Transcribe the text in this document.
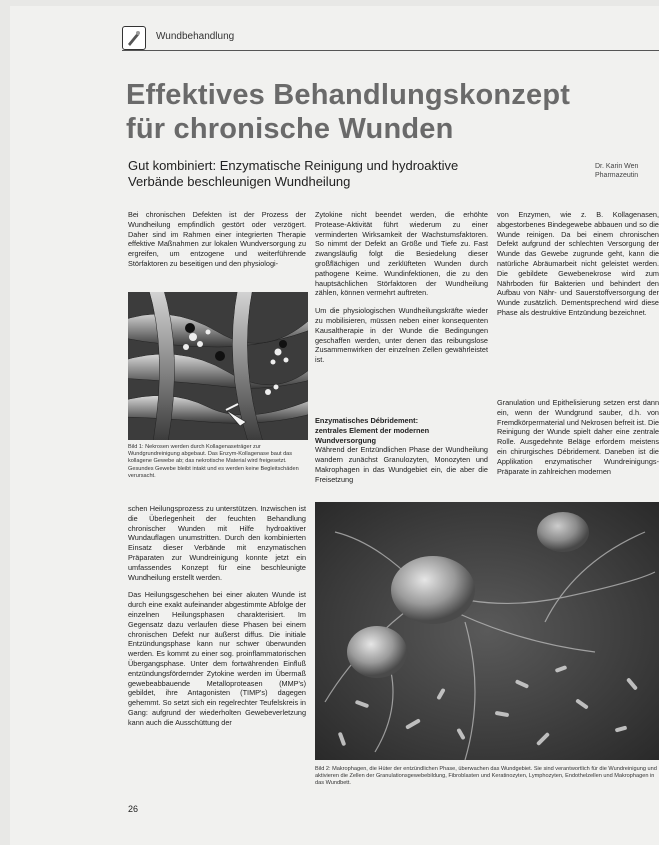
Wundbehandlung
Effektives Behandlungskonzept
für chronische Wunden
Gut kombiniert: Enzymatische Reinigung und hydroaktive
Verbände beschleunigen Wundheilung
Dr. Karin Wen
Pharmazeutin

Bei chronischen Defekten ist der Prozess der Wundheilung empfindlich gestört oder verzögert. Daher sind im Rahmen einer integrierten Therapie effektive Maßnahmen zur lokalen Wundversorgung zu ergreifen, um entzogene und weiterführende Störfaktoren zu beseitigen und den physiologi-

Bild 1: Nekrosen werden durch Kollagenaseträger zur Wundgrundreinigung abgebaut. Das Enzym-Kollagenase baut das kollagene Gewebe ab; das nekrotische Material wird freigesetzt. Gesundes Gewebe bleibt intakt und es werden keine Begleitschäden verursacht.

schen Heilungsprozess zu unterstützen. Inzwischen ist die Überlegenheit der feuchten Behandlung chronischer Wunden mit Hilfe hydroaktiver Wundauflagen unumstritten. Durch den kombinierten Einsatz dieser Verbände mit enzymatischen Präparaten zur Wundreinigung konnte jetzt ein umfassendes Konzept für eine beschleunigte Wundheilung erstellt werden.

Das Heilungsgeschehen bei einer akuten Wunde ist durch eine exakt aufeinander abgestimmte Abfolge der einzelnen Heilungsphasen charakterisiert. Im Gegensatz dazu verlaufen diese Phasen bei einem chronischen Defekt nur äußerst diffus. Die initiale Entzündungsphase kann nur schwer überwunden werden. Es kommt zu einer sog. proinflammatorischen Übergangsphase. Unter dem fortwährenden Einfluß entzündungsfördernder Zytokine werden im Übermaß gewebeabbauende Metalloproteasen (MMP's) gebildet, ihre Antagonisten (TIMP's) dagegen gehemmt. So setzt sich ein regelrechter Teufelskreis in Gang: aufgrund der wiederholten Gewebeverletzung kann auch die Ausschüttung der

Zytokine nicht beendet werden, die erhöhte Protease-Aktivität führt wiederum zu einer verminderten Wirksamkeit der Wachstumsfaktoren. So nimmt der Defekt an Größe und Tiefe zu. Fast zwangsläufig folgt die Besiedelung dieser großflächigen und zerklüfteten Wunden durch pathogene Keime. Wundinfektionen, die zu den hauptsächlichen Störfaktoren der Wundheilung zählen, können vermehrt auftreten.

Um die physiologischen Wundheilungskräfte wieder zu mobilisieren, müssen neben einer konsequenten Kausaltherapie in der Wunde die Bedingungen geschaffen werden, unter denen das reibungslose Zusammenwirken der einzelnen Zellen gewährleistet ist.

Enzymatisches Débridement:
zentrales Element der modernen
Wundversorgung

Während der Entzündlichen Phase der Wundheilung wandern zunächst Granulozyten, Monozyten und Makrophagen in das Wundgebiet ein, die aber die Freisetzung

von Enzymen, wie z. B. Kollagenasen, abgestorbenes Bindegewebe abbauen und so die Wunde reinigen. Da bei einem chronischen Defekt aufgrund der schlechten Versorgung der Wunde das Gewebe zugrunde geht, kann die natürliche Abräumarbeit nicht geleistet werden. Die gebildete Gewebenekrose wird zum Nährboden für Bakterien und behindert den Aufbau von Nähr- und Sauerstoffversorgung der Wunde zusätzlich. Dementsprechend wird diese Phase als destruktive Entzündung bezeichnet.

Granulation und Epithelisierung setzen erst dann ein, wenn der Wundgrund sauber, d.h. von Fremdkörpermaterial und Nekrosen befreit ist. Die Reinigung der Wunde spielt daher eine zentrale Rolle. Ausgedehnte Beläge erfordern meistens ein chirurgisches Débridement. Daneben ist die Applikation enzymatischer Wundreinigungs-Präparate in zahlreichen modernen

Bild 2: Makrophagen, die Hüter der entzündlichen Phase, überwachen das Wundgebiet. Sie sind verantwortlich für die Wundreinigung und aktivieren die Zellen der Granulationsgewebebildung, Fibroblasten und Keratinozyten, Lymphozyten, Endothelzellen und Makrophagen in das Wundbett.
26
